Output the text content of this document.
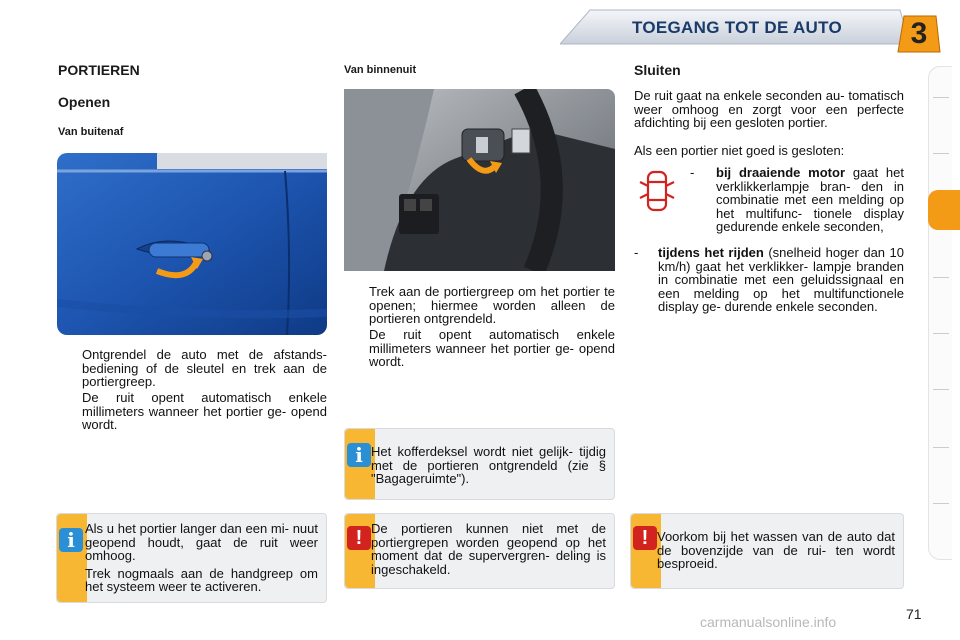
TOEGANG TOT DE AUTO	3
PORTIEREN
Openen
Van buitenaf
Ontgrendel de auto met de afstands- bediening of de sleutel en trek aan de portiergreep.
De ruit opent automatisch enkele millimeters wanneer het portier ge- opend wordt.
i Als u het portier langer dan een mi- nuut geopend houdt, gaat de ruit weer omhoog.

Trek nogmaals aan de handgreep om het systeem weer te activeren.

Van binnenuit
Trek aan de portiergreep om het portier te openen; hiermee worden alleen de portieren ontgrendeld.
De ruit opent automatisch enkele millimeters wanneer het portier ge- opend wordt.
i Het kofferdeksel wordt niet gelijk- tijdig met de portieren ontgrendeld (zie § "Bagageruimte").
! De portieren kunnen niet met de portiergrepen worden geopend op het moment dat de supervergren- deling is ingeschakeld.
Sluiten
De ruit gaat na enkele seconden au- tomatisch weer omhoog en zorgt voor een perfecte afdichting bij een gesloten portier.
Als een portier niet goed is gesloten:
-	bij draaiende motor gaat het verklikkerlampje bran- den in combinatie met een melding op het multifunc- tionele display gedurende enkele seconden,
-	tijdens het rijden (snelheid hoger dan 10 km/h) gaat het verklikker- lampje branden in combinatie met een geluidssignaal en een melding op het multifunctionele display ge- durende enkele seconden.
! Voorkom bij het wassen van de auto dat de bovenzijde van de rui- ten wordt besproeid.
71
carmanualsonline.info
